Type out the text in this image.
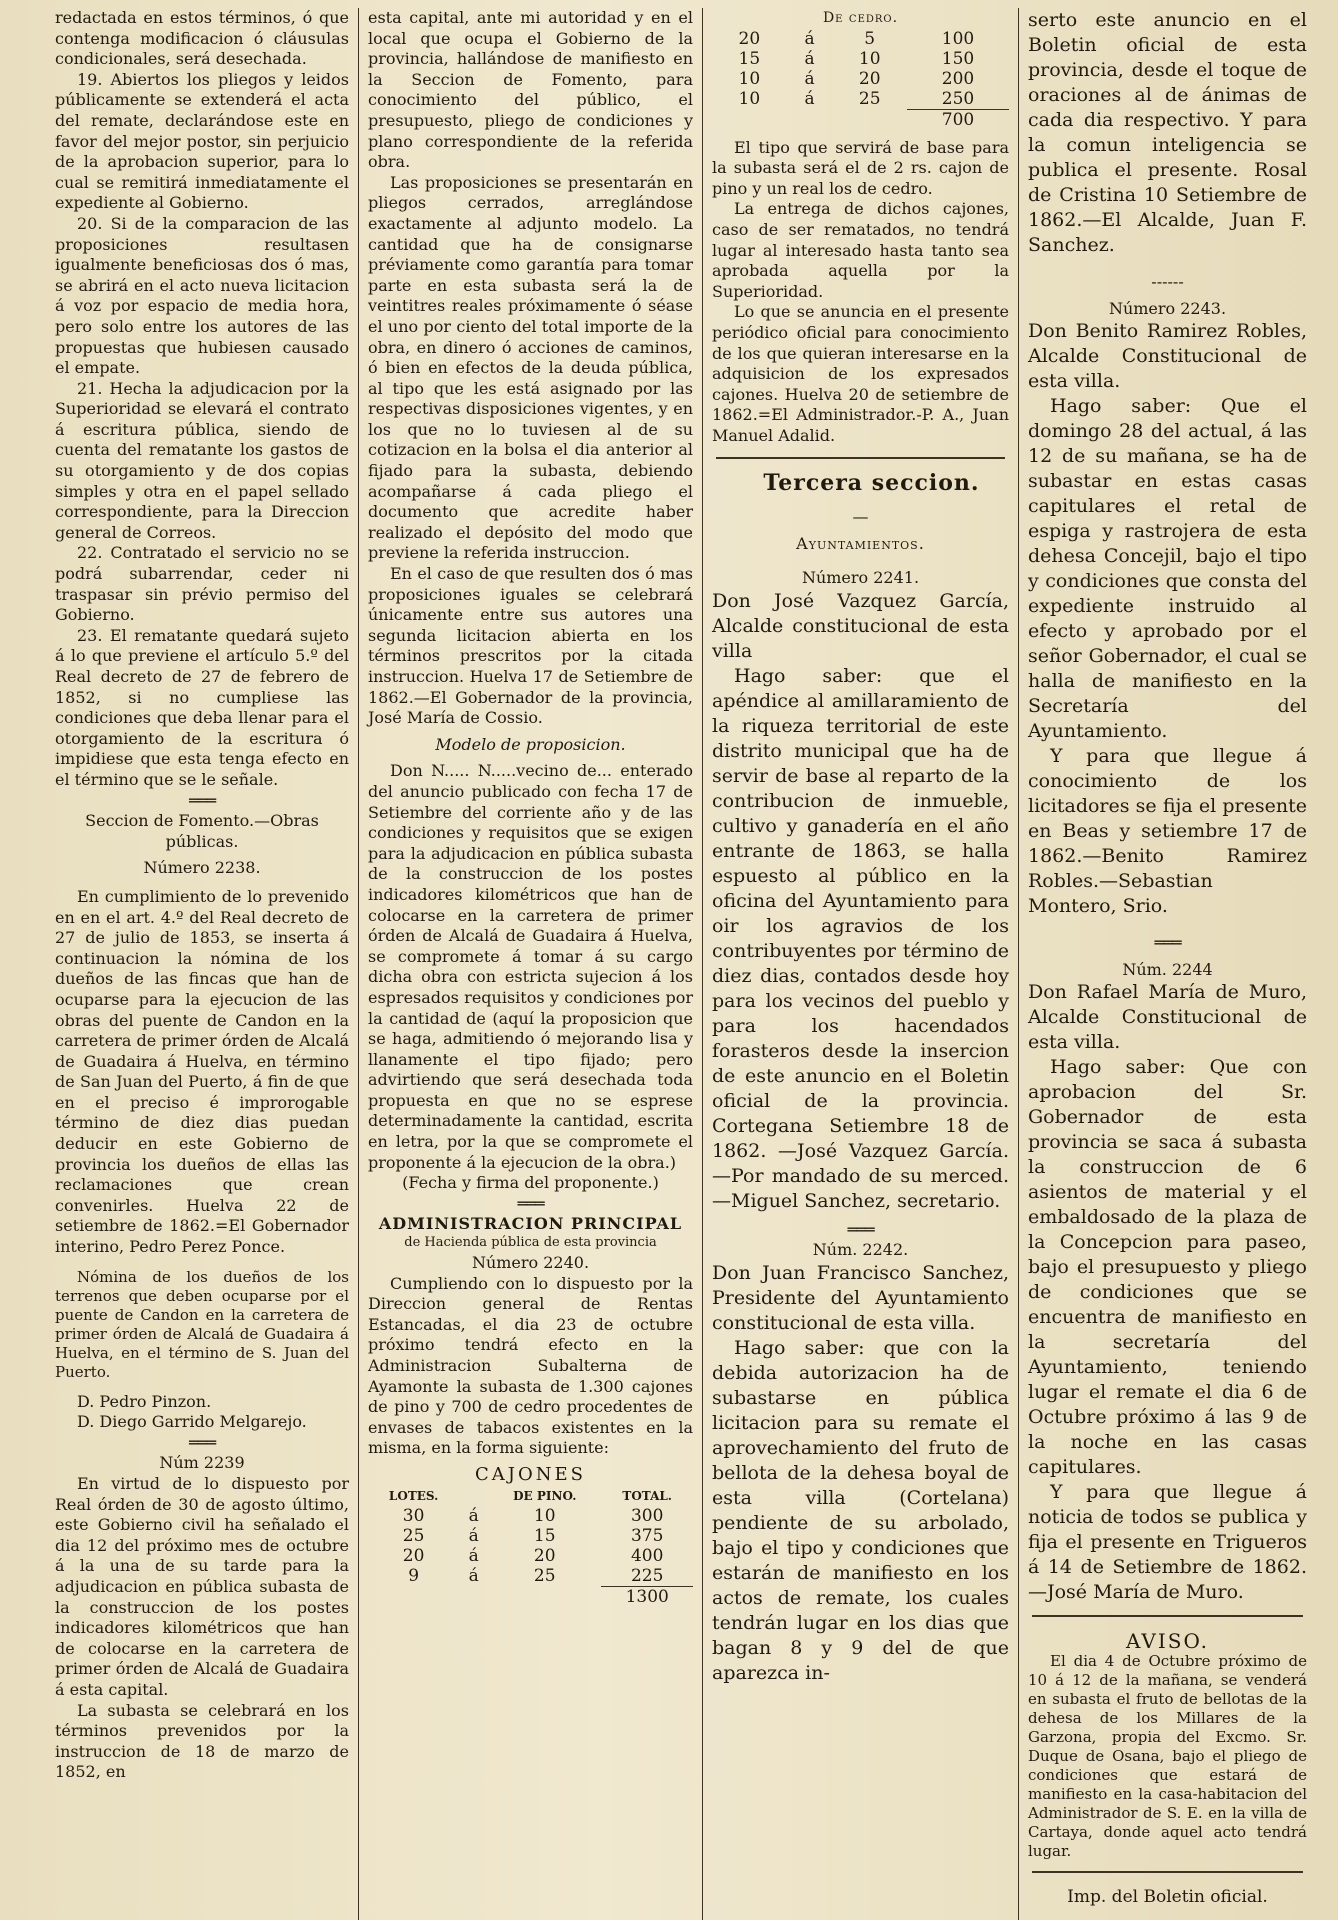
redactada en estos términos, ó que contenga modificacion ó cláusulas condicionales, será desechada.

19. Abiertos los pliegos y leidos públicamente se extenderá el acta del remate, declarándose este en favor del mejor postor, sin perjuicio de la aprobacion superior, para lo cual se remitirá inmediatamente el expediente al Gobierno.

20. Si de la comparacion de las proposiciones resultasen igualmente beneficiosas dos ó mas, se abrirá en el acto nueva licitacion á voz por espacio de media hora, pero solo entre los autores de las propuestas que hubiesen causado el empate.

21. Hecha la adjudicacion por la Superioridad se elevará el contrato á escritura pública, siendo de cuenta del rematante los gastos de su otorgamiento y de dos copias simples y otra en el papel sellado correspondiente, para la Direccion general de Correos.

22. Contratado el servicio no se podrá subarrendar, ceder ni traspasar sin prévio permiso del Gobierno.

23. El rematante quedará sujeto á lo que previene el artículo 5.º del Real decreto de 27 de febrero de 1852, si no cumpliese las condiciones que deba llenar para el otorgamiento de la escritura ó impidiese que esta tenga efecto en el término que se le señale.

═══

Seccion de Fomento.—Obras públicas.

Número 2238.

En cumplimiento de lo prevenido en en el art. 4.º del Real decreto de 27 de julio de 1853, se inserta á continuacion la nómina de los dueños de las fincas que han de ocuparse para la ejecucion de las obras del puente de Candon en la carretera de primer órden de Alcalá de Guadaira á Huelva, en término de San Juan del Puerto, á fin de que en el preciso é improrogable término de diez dias puedan deducir en este Gobierno de provincia los dueños de ellas las reclamaciones que crean convenirles. Huelva 22 de setiembre de 1862.=El Gobernador interino, Pedro Perez Ponce.

Nómina de los dueños de los terrenos que deben ocuparse por el puente de Candon en la carretera de primer órden de Alcalá de Guadaira á Huelva, en el término de S. Juan del Puerto.

D. Pedro Pinzon.

D. Diego Garrido Melgarejo.

═══

Núm 2239

En virtud de lo dispuesto por Real órden de 30 de agosto último, este Gobierno civil ha señalado el dia 12 del próximo mes de octubre á la una de su tarde para la adjudicacion en pública subasta de la construccion de los postes indicadores kilométricos que han de colocarse en la carretera de primer órden de Alcalá de Guadaira á esta capital.

La subasta se celebrará en los términos prevenidos por la instruccion de 18 de marzo de 1852, en

esta capital, ante mi autoridad y en el local que ocupa el Gobierno de la provincia, hallándose de manifiesto en la Seccion de Fomento, para conocimiento del público, el presupuesto, pliego de condiciones y plano correspondiente de la referida obra.

Las proposiciones se presentarán en pliegos cerrados, arreglándose exactamente al adjunto modelo. La cantidad que ha de consignarse préviamente como garantía para tomar parte en esta subasta será la de veintitres reales próximamente ó séase el uno por ciento del total importe de la obra, en dinero ó acciones de caminos, ó bien en efectos de la deuda pública, al tipo que les está asignado por las respectivas disposiciones vigentes, y en los que no lo tuviesen al de su cotizacion en la bolsa el dia anterior al fijado para la subasta, debiendo acompañarse á cada pliego el documento que acredite haber realizado el depósito del modo que previene la referida instruccion.

En el caso de que resulten dos ó mas proposiciones iguales se celebrará únicamente entre sus autores una segunda licitacion abierta en los términos prescritos por la citada instruccion. Huelva 17 de Setiembre de 1862.—El Gobernador de la provincia, José María de Cossio.

Modelo de proposicion.

Don N..... N.....vecino de... enterado del anuncio publicado con fecha 17 de Setiembre del corriente año y de las condiciones y requisitos que se exigen para la adjudicacion en pública subasta de la construccion de los postes indicadores kilométricos que han de colocarse en la carretera de primer órden de Alcalá de Guadaira á Huelva, se compromete á tomar á su cargo dicha obra con estricta sujecion á los espresados requisitos y condiciones por la cantidad de (aquí la proposicion que se haga, admitiendo ó mejorando lisa y llanamente el tipo fijado; pero advirtiendo que será desechada toda propuesta en que no se esprese determinadamente la cantidad, escrita en letra, por la que se compromete el proponente á la ejecucion de la obra.)

(Fecha y firma del proponente.)

═══

ADMINISTRACION PRINCIPAL

de Hacienda pública de esta provincia

Número 2240.

Cumpliendo con lo dispuesto por la Direccion general de Rentas Estancadas, el dia 23 de octubre próximo tendrá efecto en la Administracion Subalterna de Ayamonte la subasta de 1.300 cajones de pino y 700 de cedro procedentes de envases de tabacos existentes en la misma, en la forma siguiente:

CAJONES

LOTES.		DE PINO.	TOTAL.
30	á	10	300
25	á	15	375
20	á	20	400
9	á	25	225
			1300

De cedro.

20	á	5	100
15	á	10	150
10	á	20	200
10	á	25	250
			700

El tipo que servirá de base para la subasta será el de 2 rs. cajon de pino y un real los de cedro.

La entrega de dichos cajones, caso de ser rematados, no tendrá lugar al interesado hasta tanto sea aprobada aquella por la Superioridad.

Lo que se anuncia en el presente periódico oficial para conocimiento de los que quieran interesarse en la adquisicion de los expresados cajones. Huelva 20 de setiembre de 1862.=El Administrador.-P. A., Juan Manuel Adalid.

Tercera seccion.

—

Ayuntamientos.

Número 2241.

Don José Vazquez García, Alcalde constitucional de esta villa

Hago saber: que el apéndice al amillaramiento de la riqueza territorial de este distrito municipal que ha de servir de base al reparto de la contribucion de inmueble, cultivo y ganadería en el año entrante de 1863, se halla espuesto al público en la oficina del Ayuntamiento para oir los agravios de los contribuyentes por término de diez dias, contados desde hoy para los vecinos del pueblo y para los hacendados forasteros desde la insercion de este anuncio en el Boletin oficial de la provincia. Cortegana Setiembre 18 de 1862. —José Vazquez García.—Por mandado de su merced.—Miguel Sanchez, secretario.

═══

Núm. 2242.

Don Juan Francisco Sanchez, Presidente del Ayuntamiento constitucional de esta villa.

Hago saber: que con la debida autorizacion ha de subastarse en pública licitacion para su remate el aprovechamiento del fruto de bellota de la dehesa boyal de esta villa (Cortelana) pendiente de su arbolado, bajo el tipo y condiciones que estarán de manifiesto en los actos de remate, los cuales tendrán lugar en los dias que bagan 8 y 9 del de que aparezca in-

serto este anuncio en el Boletin oficial de esta provincia, desde el toque de oraciones al de ánimas de cada dia respectivo. Y para la comun inteligencia se publica el presente. Rosal de Cristina 10 Setiembre de 1862.—El Alcalde, Juan F. Sanchez.

------

Número 2243.

Don Benito Ramirez Robles, Alcalde Constitucional de esta villa.

Hago saber: Que el domingo 28 del actual, á las 12 de su mañana, se ha de subastar en estas casas capitulares el retal de espiga y rastrojera de esta dehesa Concejil, bajo el tipo y condiciones que consta del expediente instruido al efecto y aprobado por el señor Gobernador, el cual se halla de manifiesto en la Secretaría del Ayuntamiento.

Y para que llegue á conocimiento de los licitadores se fija el presente en Beas y setiembre 17 de 1862.—Benito Ramirez Robles.—Sebastian Montero, Srio.

═══

Núm. 2244

Don Rafael María de Muro, Alcalde Constitucional de esta villa.

Hago saber: Que con aprobacion del Sr. Gobernador de esta provincia se saca á subasta la construccion de 6 asientos de material y el embaldosado de la plaza de la Concepcion para paseo, bajo el presupuesto y pliego de condiciones que se encuentra de manifiesto en la secretaría del Ayuntamiento, teniendo lugar el remate el dia 6 de Octubre próximo á las 9 de la noche en las casas capitulares.

Y para que llegue á noticia de todos se publica y fija el presente en Trigueros á 14 de Setiembre de 1862.—José María de Muro.

AVISO.

El dia 4 de Octubre próximo de 10 á 12 de la mañana, se venderá en subasta el fruto de bellotas de la dehesa de los Millares de la Garzona, propia del Excmo. Sr. Duque de Osana, bajo el pliego de condiciones que estará de manifiesto en la casa-habitacion del Administrador de S. E. en la villa de Cartaya, donde aquel acto tendrá lugar.

Imp. del Boletin oficial.
